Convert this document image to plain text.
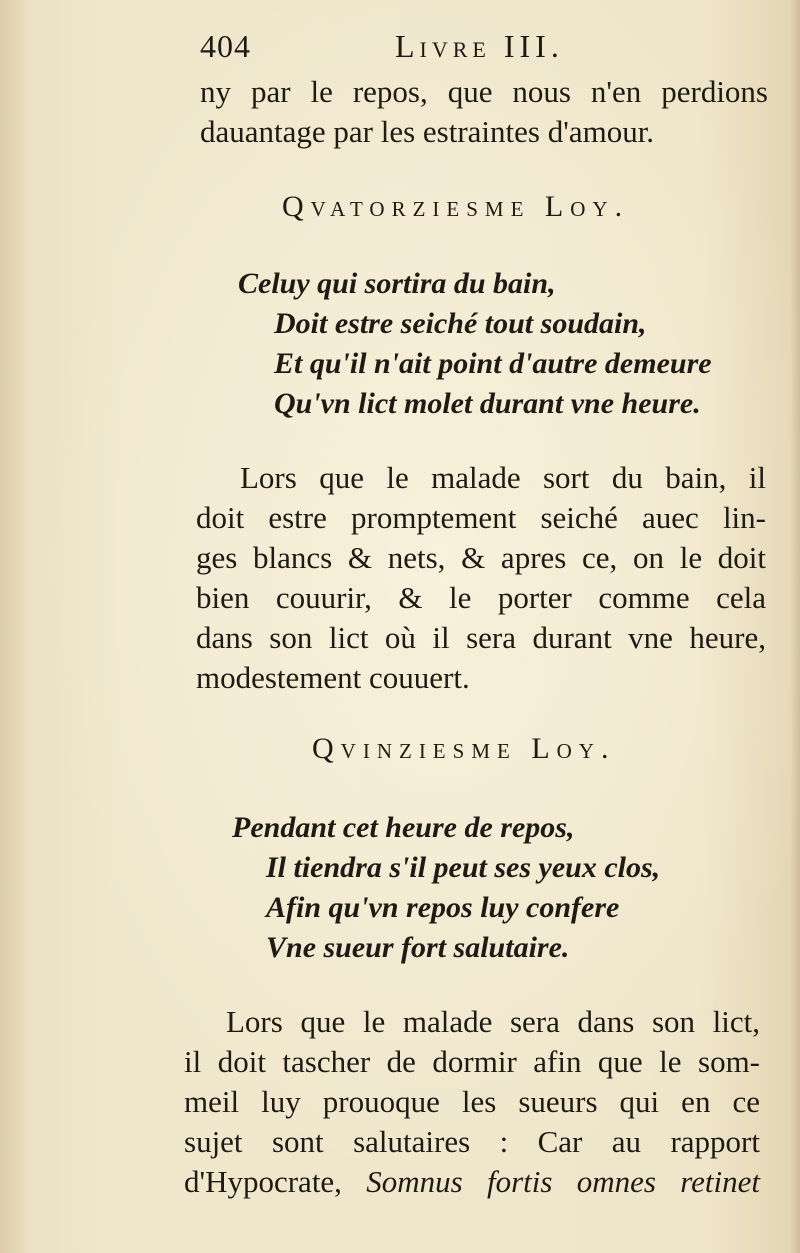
404	Livre III.
ny par le repos, que nous n'en perdions
dauantage par les estraintes d'amour.
Qvatorziesme Loy.
Celuy qui sortira du bain,
Doit estre seiché tout soudain,
Et qu'il n'ait point d'autre demeure
Qu'vn lict molet durant vne heure.
Lors que le malade sort du bain, il
doit estre promptement seiché auec lin-
ges blancs & nets, & apres ce, on le doit
bien couurir, & le porter comme cela
dans son lict où il sera durant vne heure,
modestement couuert.
Qvinziesme Loy.
Pendant cet heure de repos,
Il tiendra s'il peut ses yeux clos,
Afin qu'vn repos luy confere
Vne sueur fort salutaire.
Lors que le malade sera dans son lict,
il doit tascher de dormir afin que le som-
meil luy prouoque les sueurs qui en ce
sujet sont salutaires : Car au rapport
d'Hypocrate, Somnus fortis omnes retinet
